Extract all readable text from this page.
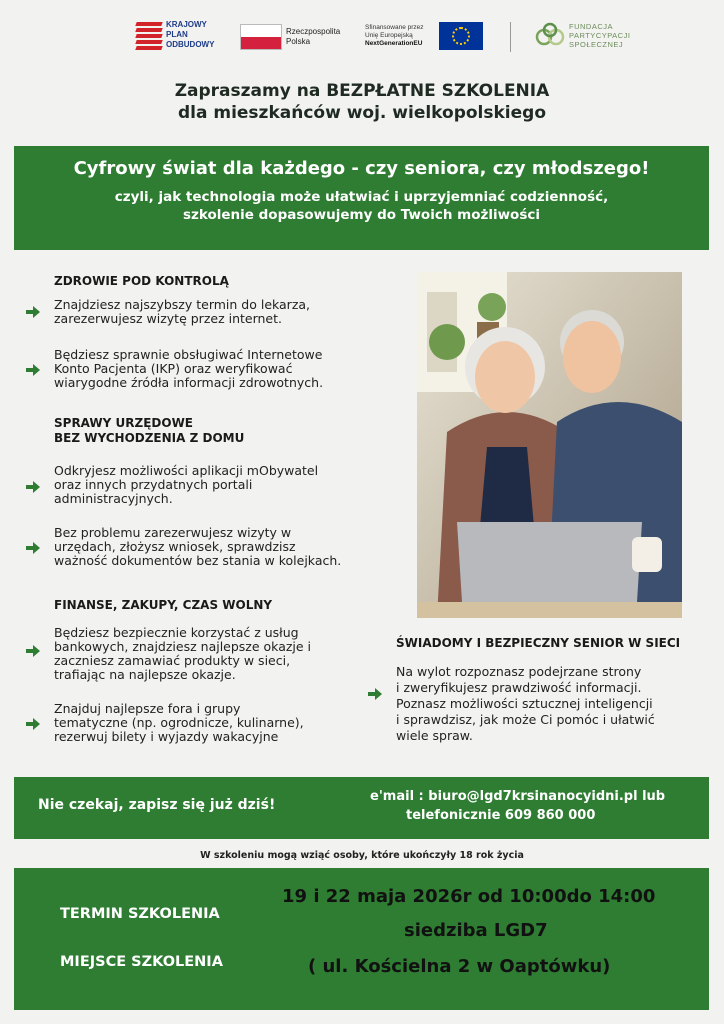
KRAJOWY
PLAN
ODBUDOWY
Rzeczpospolita
Polska
Sfinansowane przez
Unię Europejską
NextGenerationEU
FUNDACJA
PARTYCYPACJI
SPOŁECZNEJ
Zapraszamy na BEZPŁATNE SZKOLENIA
dla mieszkańców woj. wielkopolskiego
Cyfrowy świat dla każdego - czy seniora, czy młodszego!
czyli, jak technologia może ułatwiać i uprzyjemniać codzienność,
szkolenie dopasowujemy do Twoich możliwości
ZDROWIE POD KONTROLĄ
Znajdziesz najszybszy termin do lekarza,
zarezerwujesz wizytę przez internet.
Będziesz sprawnie obsługiwać Internetowe
Konto Pacjenta (IKP) oraz weryfikować
wiarygodne źródła informacji zdrowotnych.
SPRAWY URZĘDOWE
BEZ WYCHODZENIA Z DOMU
Odkryjesz możliwości aplikacji mObywatel
oraz innych przydatnych portali
administracyjnych.
Bez problemu zarezerwujesz wizyty w
urzędach, złożysz wniosek, sprawdzisz
ważność dokumentów bez stania w kolejkach.
FINANSE, ZAKUPY, CZAS WOLNY
Będziesz bezpiecznie korzystać z usług
bankowych, znajdziesz najlepsze okazje i
zaczniesz zamawiać produkty w sieci,
trafiając na najlepsze okazje.
Znajduj najlepsze fora i grupy
tematyczne (np. ogrodnicze, kulinarne),
rezerwuj bilety i wyjazdy wakacyjne
ŚWIADOMY I BEZPIECZNY SENIOR W SIECI
Na wylot rozpoznasz podejrzane strony
i zweryfikujesz prawdziwość informacji.
Poznasz możliwości sztucznej inteligencji
i sprawdzisz, jak może Ci pomóc i ułatwić
wiele spraw.
Nie czekaj, zapisz się już dziś!
e'mail : biuro@lgd7krsinanocyidni.pl lub
telefonicznie 609 860 000
W szkoleniu mogą wziąć osoby, które ukończyły 18 rok życia
TERMIN SZKOLENIA
MIEJSCE SZKOLENIA
19 i 22 maja 2026r od 10:00do 14:00
siedziba LGD7
( ul. Kościelna 2 w Oaptówku)
